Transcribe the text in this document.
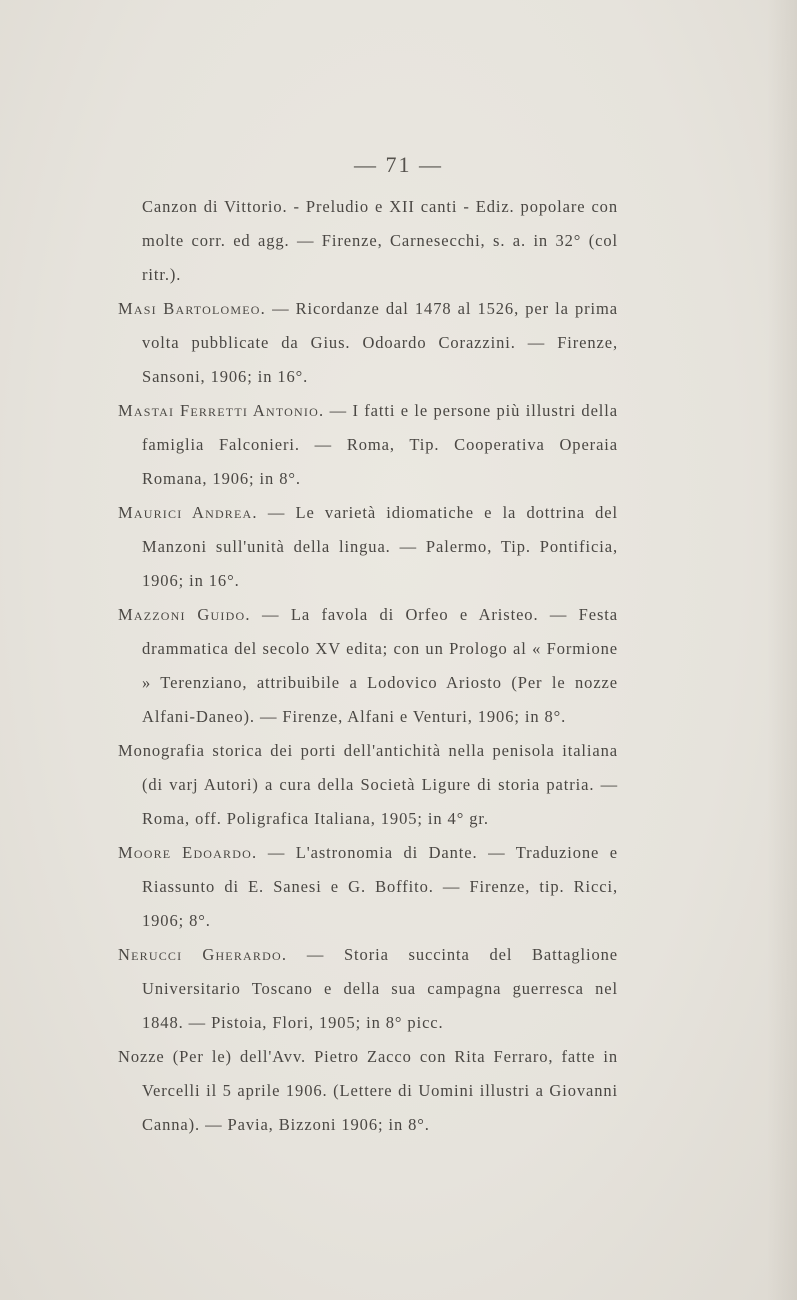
— 71 —

Canzon di Vittorio. - Preludio e XII canti - Ediz. popolare con molte corr. ed agg. — Firenze, Carnesecchi, s. a. in 32° (col ritr.).

Masi Bartolomeo. — Ricordanze dal 1478 al 1526, per la prima volta pubblicate da Gius. Odoardo Corazzini. — Firenze, Sansoni, 1906; in 16°.

Mastai Ferretti Antonio. — I fatti e le persone più illustri della famiglia Falconieri. — Roma, Tip. Cooperativa Operaia Romana, 1906; in 8°.

Maurici Andrea. — Le varietà idiomatiche e la dottrina del Manzoni sull'unità della lingua. — Palermo, Tip. Pontificia, 1906; in 16°.

Mazzoni Guido. — La favola di Orfeo e Aristeo. — Festa drammatica del secolo XV edita; con un Prologo al « Formione » Terenziano, attribuibile a Lodovico Ariosto (Per le nozze Alfani-Daneo). — Firenze, Alfani e Venturi, 1906; in 8°.

Monografia storica dei porti dell'antichità nella penisola italiana (di varj Autori) a cura della Società Ligure di storia patria. — Roma, off. Poligrafica Italiana, 1905; in 4° gr.

Moore Edoardo. — L'astronomia di Dante. — Traduzione e Riassunto di E. Sanesi e G. Boffito. — Firenze, tip. Ricci, 1906; 8°.

Nerucci Gherardo. — Storia succinta del Battaglione Universitario Toscano e della sua campagna guerresca nel 1848. — Pistoia, Flori, 1905; in 8° picc.

Nozze (Per le) dell'Avv. Pietro Zacco con Rita Ferraro, fatte in Vercelli il 5 aprile 1906. (Lettere di Uomini illustri a Giovanni Canna). — Pavia, Bizzoni 1906; in 8°.
